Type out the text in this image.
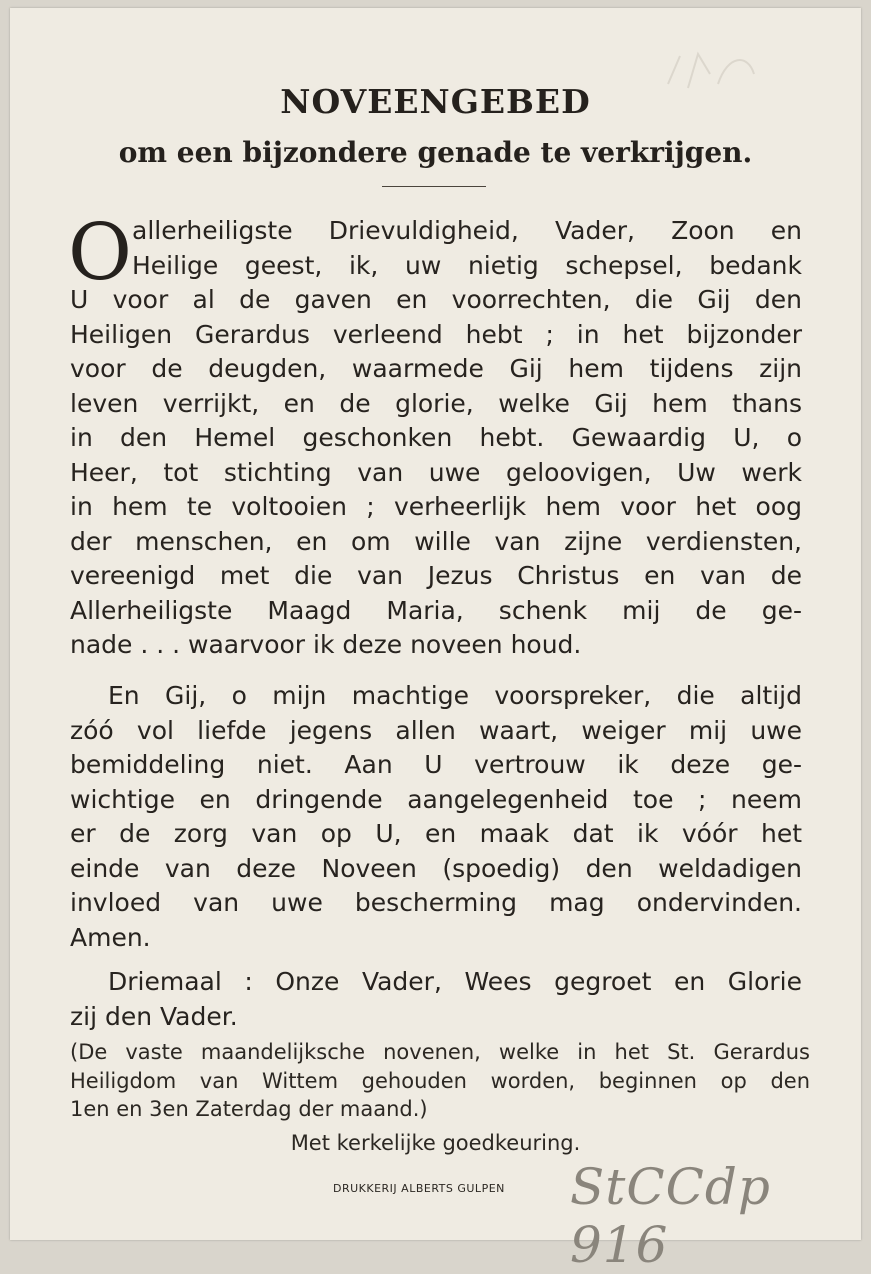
NOVEENGEBED
om een bijzondere genade te verkrijgen.
O allerheiligste Drievuldigheid, Vader, Zoon en
Heilige geest, ik, uw nietig schepsel, bedank
U voor al de gaven en voorrechten, die Gij den
Heiligen Gerardus verleend hebt ; in het bijzonder
voor de deugden, waarmede Gij hem tijdens zijn
leven verrijkt, en de glorie, welke Gij hem thans
in den Hemel geschonken hebt. Gewaardig U, o
Heer, tot stichting van uwe geloovigen, Uw werk
in hem te voltooien ; verheerlijk hem voor het oog
der menschen, en om wille van zijne verdiensten,
vereenigd met die van Jezus Christus en van de
Allerheiligste Maagd Maria, schenk mij de ge-
nade . . . waarvoor ik deze noveen houd.
En Gij, o mijn machtige voorspreker, die altijd
zóó vol liefde jegens allen waart, weiger mij uwe
bemiddeling niet. Aan U vertrouw ik deze ge-
wichtige en dringende aangelegenheid toe ; neem
er de zorg van op U, en maak dat ik vóór het
einde van deze Noveen (spoedig) den weldadigen
invloed van uwe bescherming mag ondervinden.
Amen.
Driemaal : Onze Vader, Wees gegroet en Glorie
zij den Vader.
(De vaste maandelijksche novenen, welke in het St. Gerardus
Heiligdom van Wittem gehouden worden, beginnen op den
1en en 3en Zaterdag der maand.)
Met kerkelijke goedkeuring.
DRUKKERIJ ALBERTS GULPEN StCCdp 916
